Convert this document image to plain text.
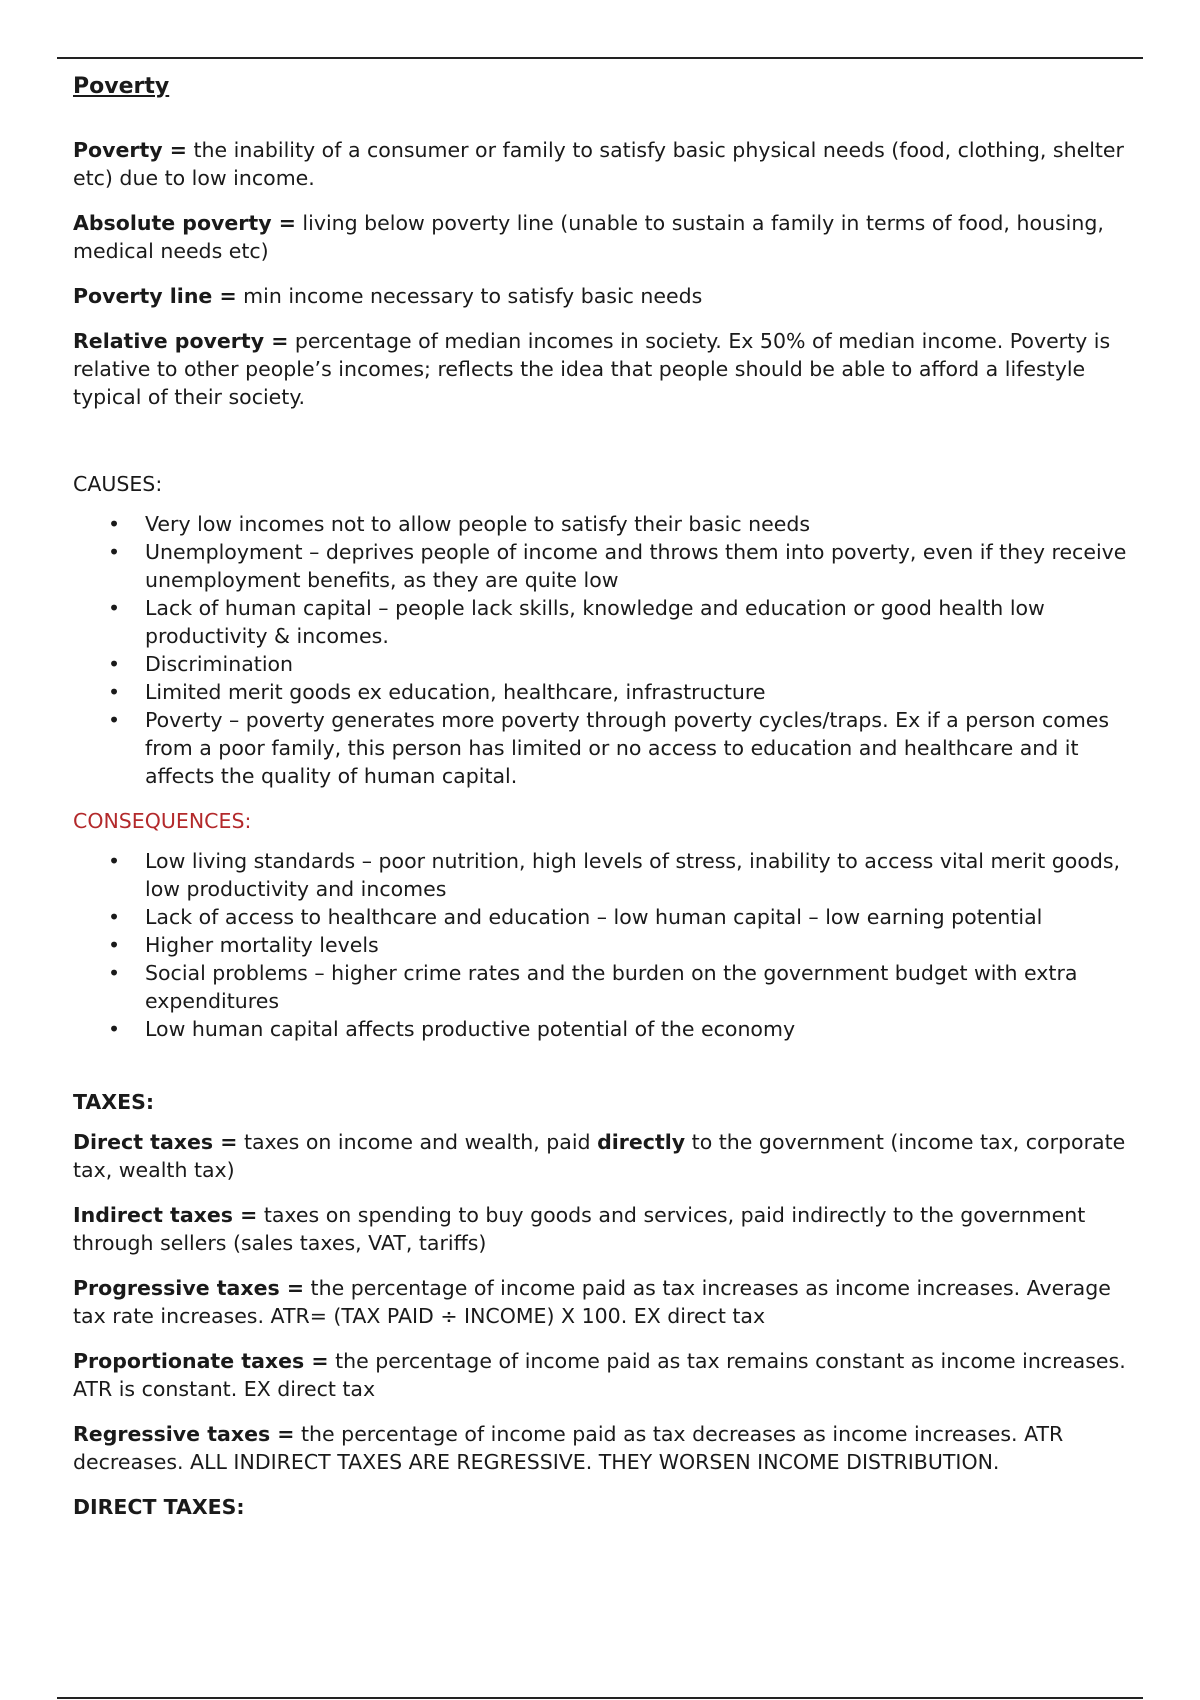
Poverty

Poverty = the inability of a consumer or family to satisfy basic physical needs (food, clothing, shelter etc) due to low income.

Absolute poverty = living below poverty line (unable to sustain a family in terms of food, housing, medical needs etc)

Poverty line = min income necessary to satisfy basic needs

Relative poverty = percentage of median incomes in society. Ex 50% of median income. Poverty is relative to other people’s incomes; reflects the idea that people should be able to afford a lifestyle typical of their society.

CAUSES:
• Very low incomes not to allow people to satisfy their basic needs
• Unemployment – deprives people of income and throws them into poverty, even if they receive unemployment benefits, as they are quite low
• Lack of human capital – people lack skills, knowledge and education or good health low productivity & incomes.
• Discrimination
• Limited merit goods ex education, healthcare, infrastructure
• Poverty – poverty generates more poverty through poverty cycles/traps. Ex if a person comes from a poor family, this person has limited or no access to education and healthcare and it affects the quality of human capital.
CONSEQUENCES:
• Low living standards – poor nutrition, high levels of stress, inability to access vital merit goods, low productivity and incomes
• Lack of access to healthcare and education – low human capital – low earning potential
• Higher mortality levels
• Social problems – higher crime rates and the burden on the government budget with extra expenditures
• Low human capital affects productive potential of the economy
TAXES:

Direct taxes = taxes on income and wealth, paid directly to the government (income tax, corporate tax, wealth tax)

Indirect taxes = taxes on spending to buy goods and services, paid indirectly to the government through sellers (sales taxes, VAT, tariffs)

Progressive taxes = the percentage of income paid as tax increases as income increases. Average tax rate increases. ATR= (TAX PAID ÷ INCOME) X 100. EX direct tax

Proportionate taxes = the percentage of income paid as tax remains constant as income increases. ATR is constant. EX direct tax

Regressive taxes = the percentage of income paid as tax decreases as income increases. ATR decreases. ALL INDIRECT TAXES ARE REGRESSIVE. THEY WORSEN INCOME DISTRIBUTION.

DIRECT TAXES:
